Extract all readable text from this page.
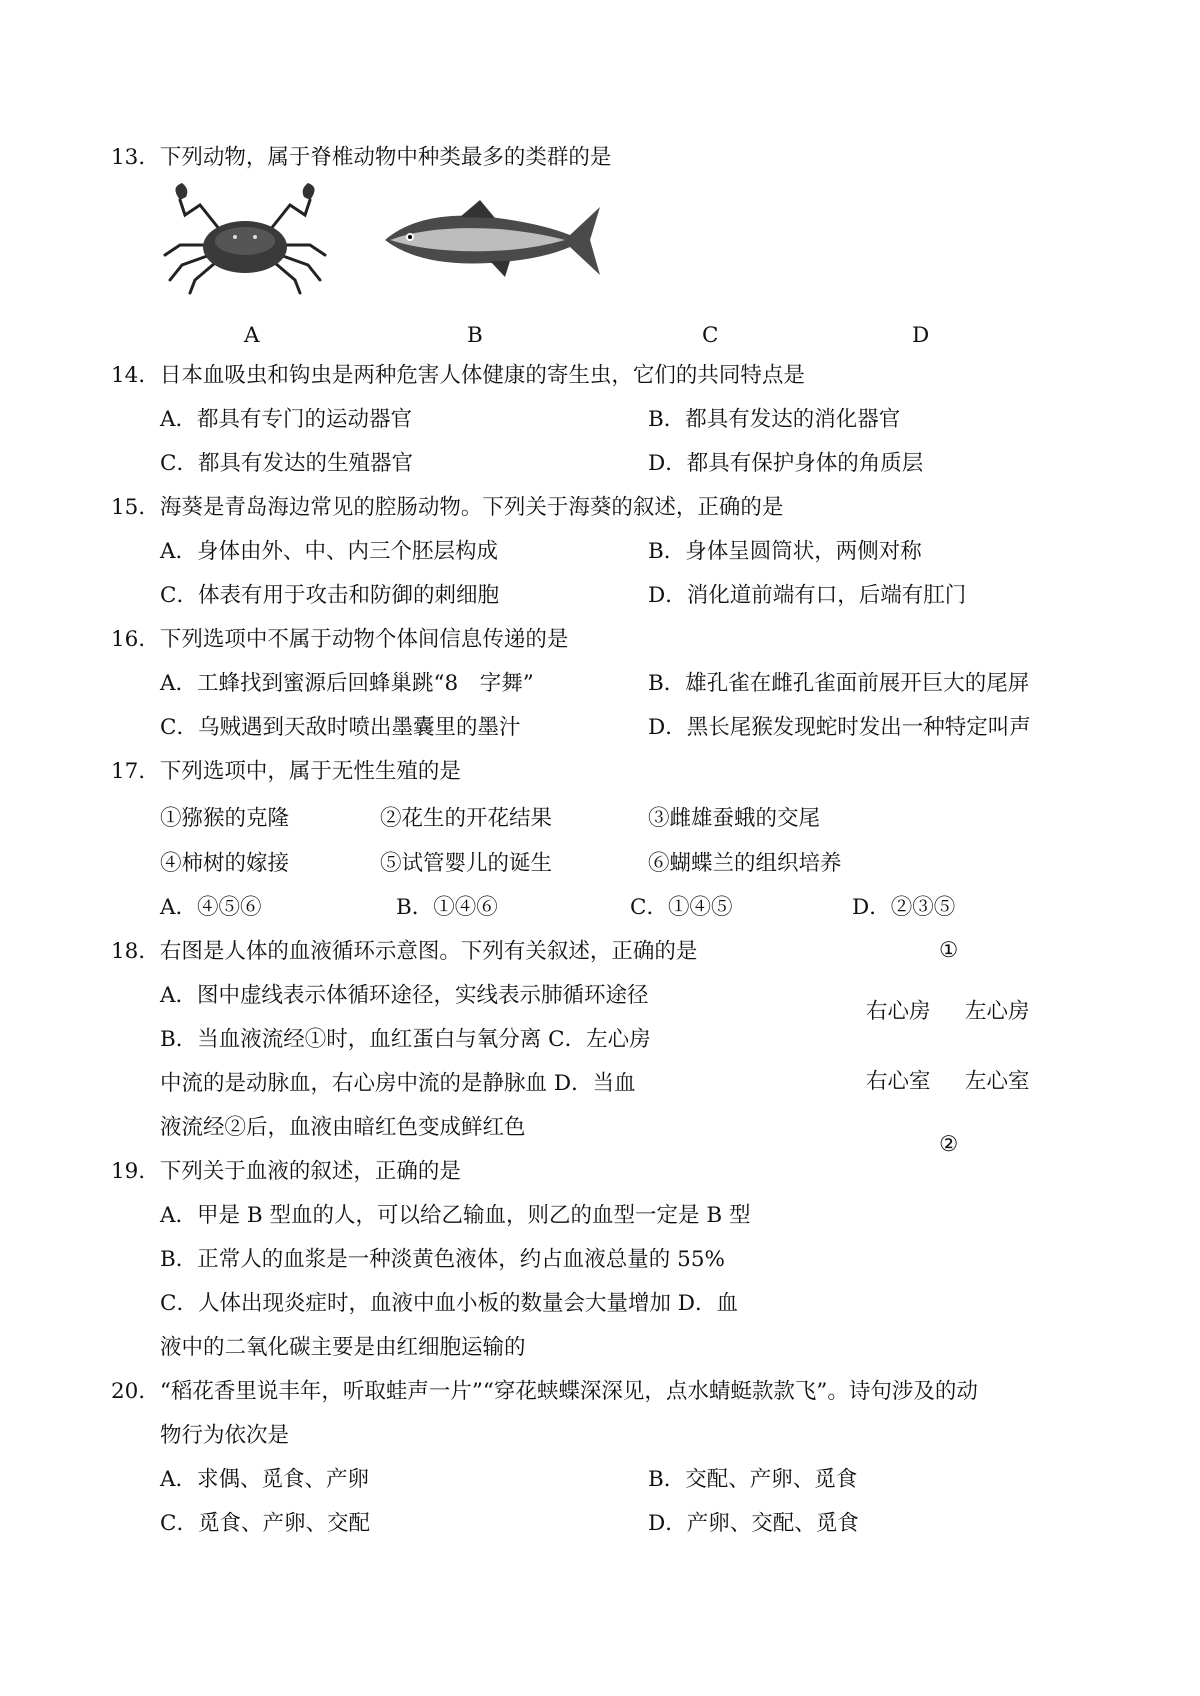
13．下列动物，属于脊椎动物中种类最多的类群的是
A	B	C	D
14．日本血吸虫和钩虫是两种危害人体健康的寄生虫，它们的共同特点是
A．都具有专门的运动器官	B．都具有发达的消化器官
C．都具有发达的生殖器官	D．都具有保护身体的角质层
15．海葵是青岛海边常见的腔肠动物。下列关于海葵的叙述，正确的是
A．身体由外、中、内三个胚层构成	B．身体呈圆筒状，两侧对称
C．体表有用于攻击和防御的刺细胞	D．消化道前端有口，后端有肛门
16．下列选项中不属于动物个体间信息传递的是
A．工蜂找到蜜源后回蜂巢跳“8　字舞”	B．雄孔雀在雌孔雀面前展开巨大的尾屏
C．乌贼遇到天敌时喷出墨囊里的墨汁	D．黑长尾猴发现蛇时发出一种特定叫声
17．下列选项中，属于无性生殖的是
①猕猴的克隆	②花生的开花结果	③雌雄蚕蛾的交尾
④柿树的嫁接	⑤试管婴儿的诞生	⑥蝴蝶兰的组织培养
A．④⑤⑥	B．①④⑥	C．①④⑤	D．②③⑤
18．右图是人体的血液循环示意图。下列有关叙述，正确的是
A．图中虚线表示体循环途径，实线表示肺循环途径
B．当血液流经①时，血红蛋白与氧分离 C．左心房
中流的是动脉血，右心房中流的是静脉血 D．当血
液流经②后，血液由暗红色变成鲜红色
①
右心房 左心房
右心室 左心室
②
19．下列关于血液的叙述，正确的是
A．甲是 B 型血的人，可以给乙输血，则乙的血型一定是 B 型
B．正常人的血浆是一种淡黄色液体，约占血液总量的 55%
C．人体出现炎症时，血液中血小板的数量会大量增加 D．血
液中的二氧化碳主要是由红细胞运输的
20．“稻花香里说丰年，听取蛙声一片”“穿花蛱蝶深深见，点水蜻蜓款款飞”。诗句涉及的动
物行为依次是
A．求偶、觅食、产卵	B．交配、产卵、觅食
C．觅食、产卵、交配	D．产卵、交配、觅食
